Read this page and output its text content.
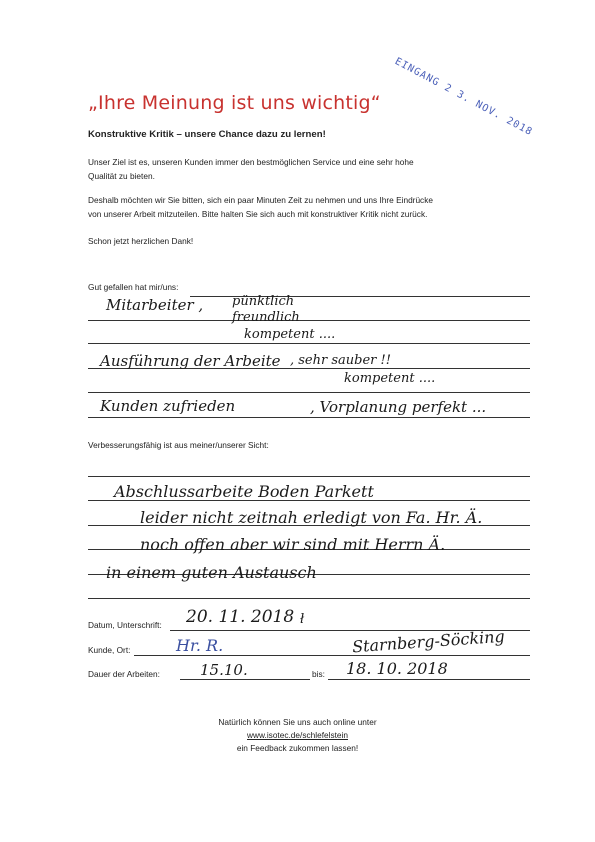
EINGANG 2 3. NOV. 2018
„Ihre Meinung ist uns wichtig“
Konstruktive Kritik – unsere Chance dazu zu lernen!
Unser Ziel ist es, unseren Kunden immer den bestmöglichen Service und eine sehr hohe
Qualität zu bieten.
Deshalb möchten wir Sie bitten, sich ein paar Minuten Zeit zu nehmen und uns Ihre Eindrücke
von unserer Arbeit mitzuteilen. Bitte halten Sie sich auch mit konstruktiver Kritik nicht zurück.
Schon jetzt herzlichen Dank!
Gut gefallen hat mir/uns:
Mitarbeiter , pünktlich
freundlich
kompetent ....
Ausführung der Arbeite , sehr sauber !!
kompetent ....
Kunden zufrieden	, Vorplanung perfekt ...
Verbesserungsfähig ist aus meiner/unserer Sicht:
Abschlussarbeite Boden Parkett
leider nicht zeitnah erledigt von Fa. Hr. Ä.
noch offen aber wir sind mit Herrn Ä.
in einem guten Austausch
Datum, Unterschrift: 20. 11. 2018 ł
Kunde, Ort:	Hr. R.	Starnberg-Söcking
Dauer der Arbeiten:	15.10.	bis: 18. 10. 2018
Natürlich können Sie uns auch online unter
www.isotec.de/schlefelstein
ein Feedback zukommen lassen!
